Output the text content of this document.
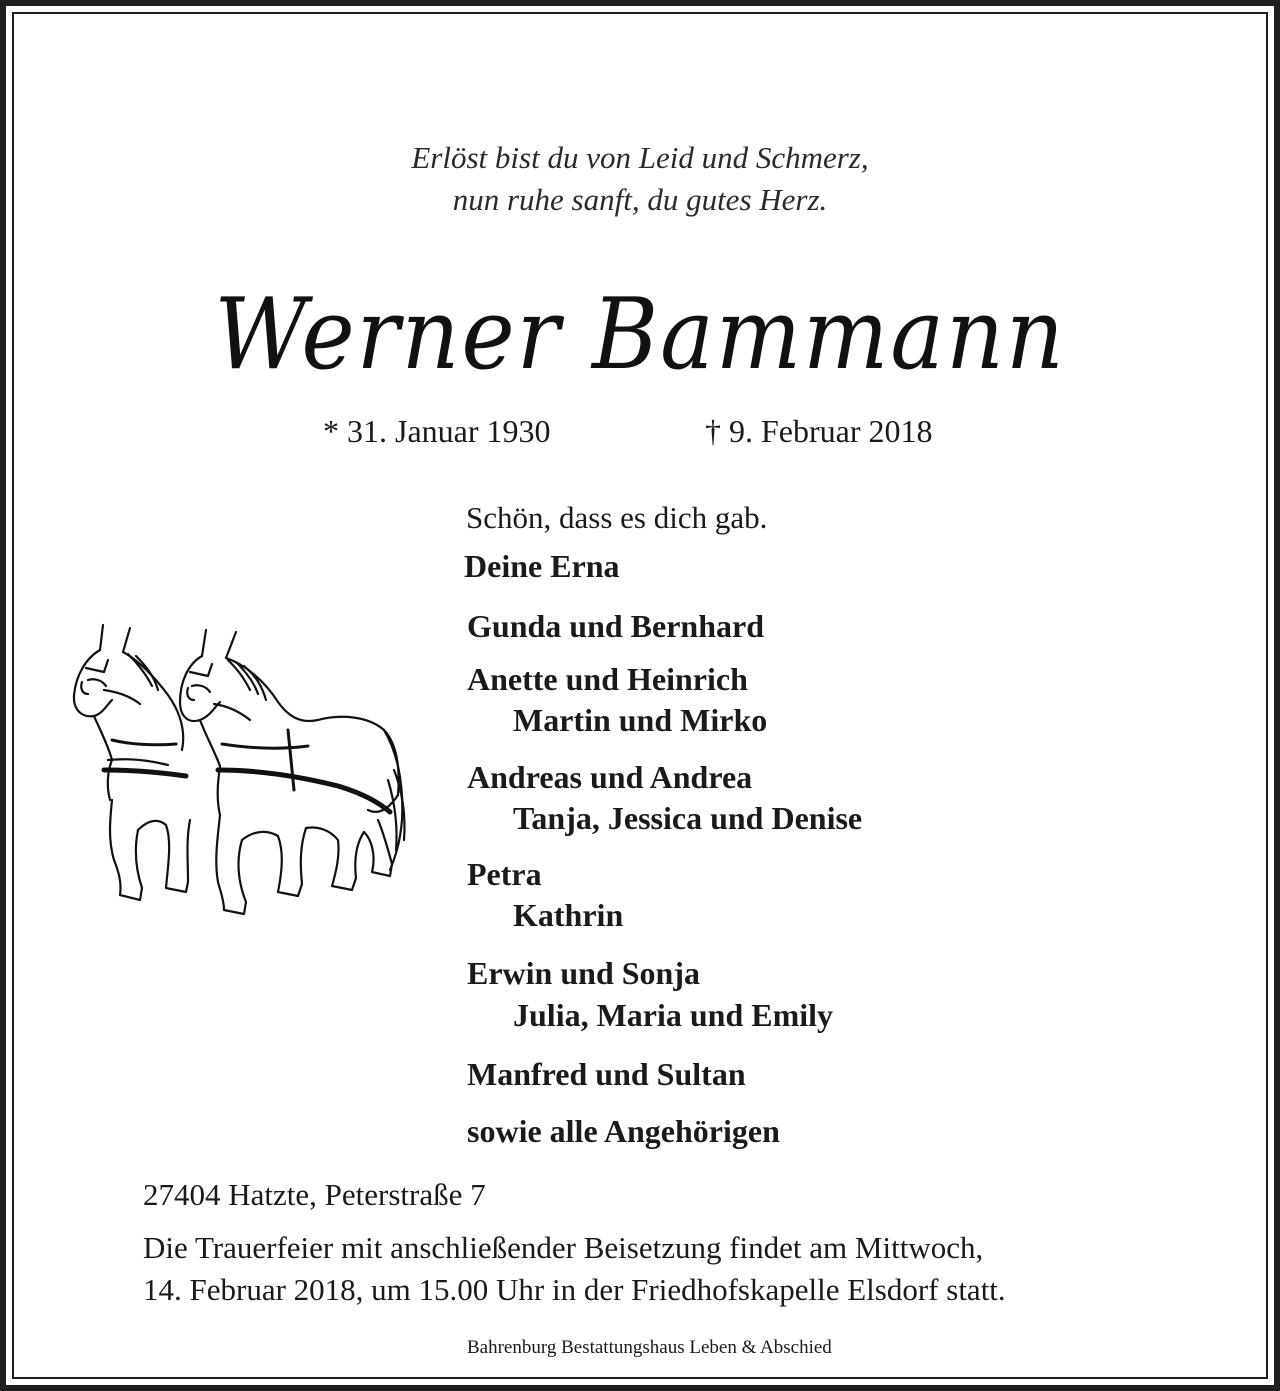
Erlöst bist du von Leid und Schmerz,
nun ruhe sanft, du gutes Herz.
Werner Bammann
* 31. Januar 1930	† 9. Februar 2018
Schön, dass es dich gab.
Deine Erna
Gunda und Bernhard
Anette und Heinrich
Martin und Mirko
Andreas und Andrea
Tanja, Jessica und Denise
Petra
Kathrin
Erwin und Sonja
Julia, Maria und Emily
Manfred und Sultan
sowie alle Angehörigen
27404 Hatzte, Peterstraße 7
Die Trauerfeier mit anschließender Beisetzung findet am Mittwoch,
14. Februar 2018, um 15.00 Uhr in der Friedhofskapelle Elsdorf statt.
Bahrenburg Bestattungshaus Leben & Abschied
